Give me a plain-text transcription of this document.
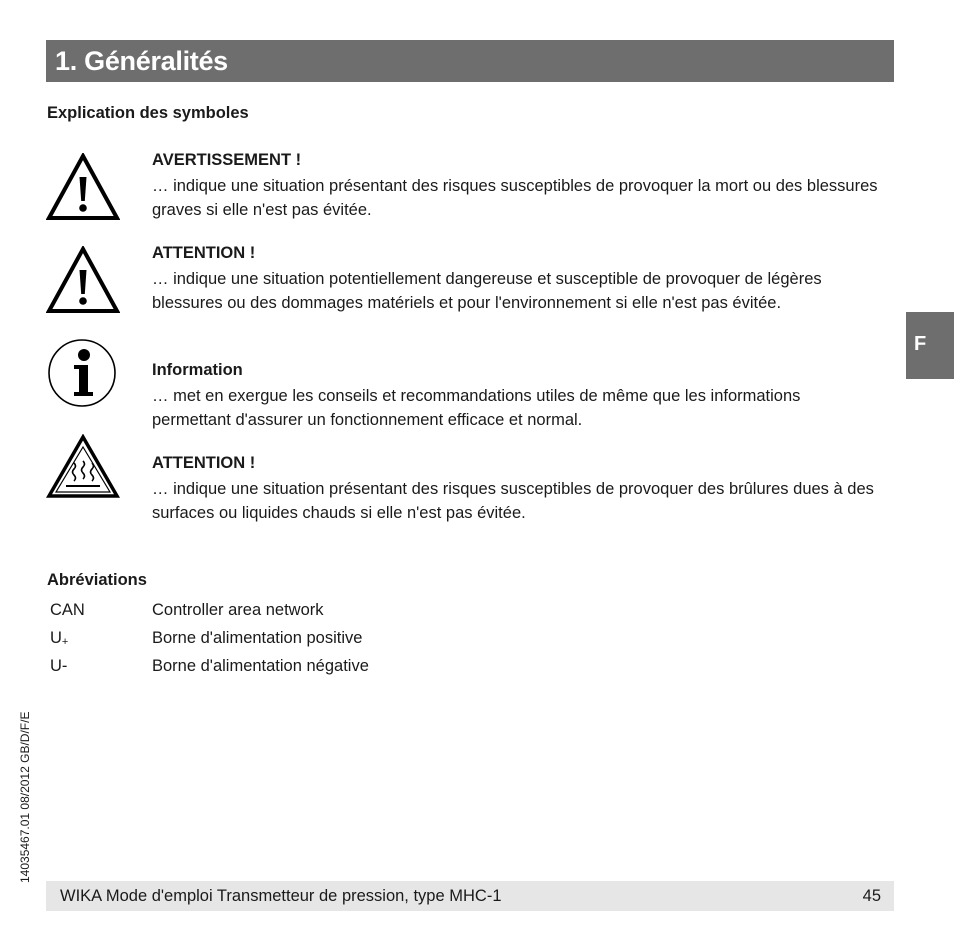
1. Généralités
Explication des symboles
AVERTISSEMENT !
… indique une situation présentant des risques susceptibles de provoquer la mort ou des blessures graves si elle n'est pas évitée.
ATTENTION !
… indique une situation potentiellement dangereuse et susceptible de provoquer de légères blessures ou des dommages matériels et pour l'environnement si elle n'est pas évitée.
Information
… met en exergue les conseils et recommandations utiles de même que les informations permettant d'assurer un fonctionnement efficace et normal.
ATTENTION !
… indique une situation présentant des risques susceptibles de provoquer des brûlures dues à des surfaces ou liquides chauds si elle n'est pas évitée.
Abréviations
CAN	Controller area network
$U_+$	Borne d'alimentation positive
U-	Borne d'alimentation négative
F
14035467.01 08/2012 GB/D/F/E
WIKA Mode d'emploi Transmetteur de pression, type MHC-1	45
